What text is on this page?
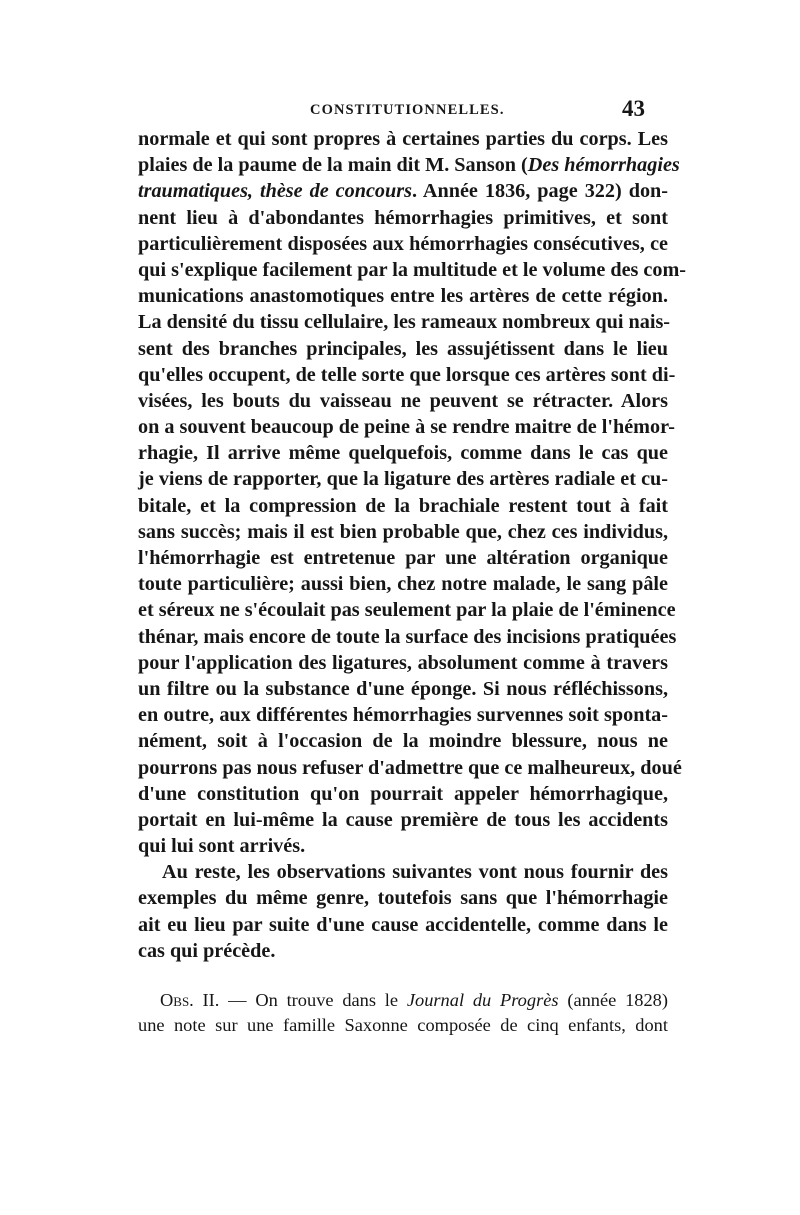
CONSTITUTIONNELLES.	43
normale et qui sont propres à certaines parties du corps. Les
plaies de la paume de la main dit M. Sanson (Des hémorrhagies
traumatiques, thèse de concours. Année 1836, page 322) don-
nent lieu à d'abondantes hémorrhagies primitives, et sont
particulièrement disposées aux hémorrhagies consécutives, ce
qui s'explique facilement par la multitude et le volume des com-
munications anastomotiques entre les artères de cette région.
La densité du tissu cellulaire, les rameaux nombreux qui nais-
sent des branches principales, les assujétissent dans le lieu
qu'elles occupent, de telle sorte que lorsque ces artères sont di-
visées, les bouts du vaisseau ne peuvent se rétracter. Alors
on a souvent beaucoup de peine à se rendre maitre de l'hémor-
rhagie, Il arrive même quelquefois, comme dans le cas que
je viens de rapporter, que la ligature des artères radiale et cu-
bitale, et la compression de la brachiale restent tout à fait
sans succès; mais il est bien probable que, chez ces individus,
l'hémorrhagie est entretenue par une altération organique
toute particulière; aussi bien, chez notre malade, le sang pâle
et séreux ne s'écoulait pas seulement par la plaie de l'éminence
thénar, mais encore de toute la surface des incisions pratiquées
pour l'application des ligatures, absolument comme à travers
un filtre ou la substance d'une éponge. Si nous réfléchissons,
en outre, aux différentes hémorrhagies survennes soit sponta-
nément, soit à l'occasion de la moindre blessure, nous ne
pourrons pas nous refuser d'admettre que ce malheureux, doué
d'une constitution qu'on pourrait appeler hémorrhagique,
portait en lui-même la cause première de tous les accidents
qui lui sont arrivés.
Au reste, les observations suivantes vont nous fournir des
exemples du même genre, toutefois sans que l'hémorrhagie
ait eu lieu par suite d'une cause accidentelle, comme dans le
cas qui précède.
Obs. II. — On trouve dans le Journal du Progrès (année 1828)
une note sur une famille Saxonne composée de cinq enfants, dont
